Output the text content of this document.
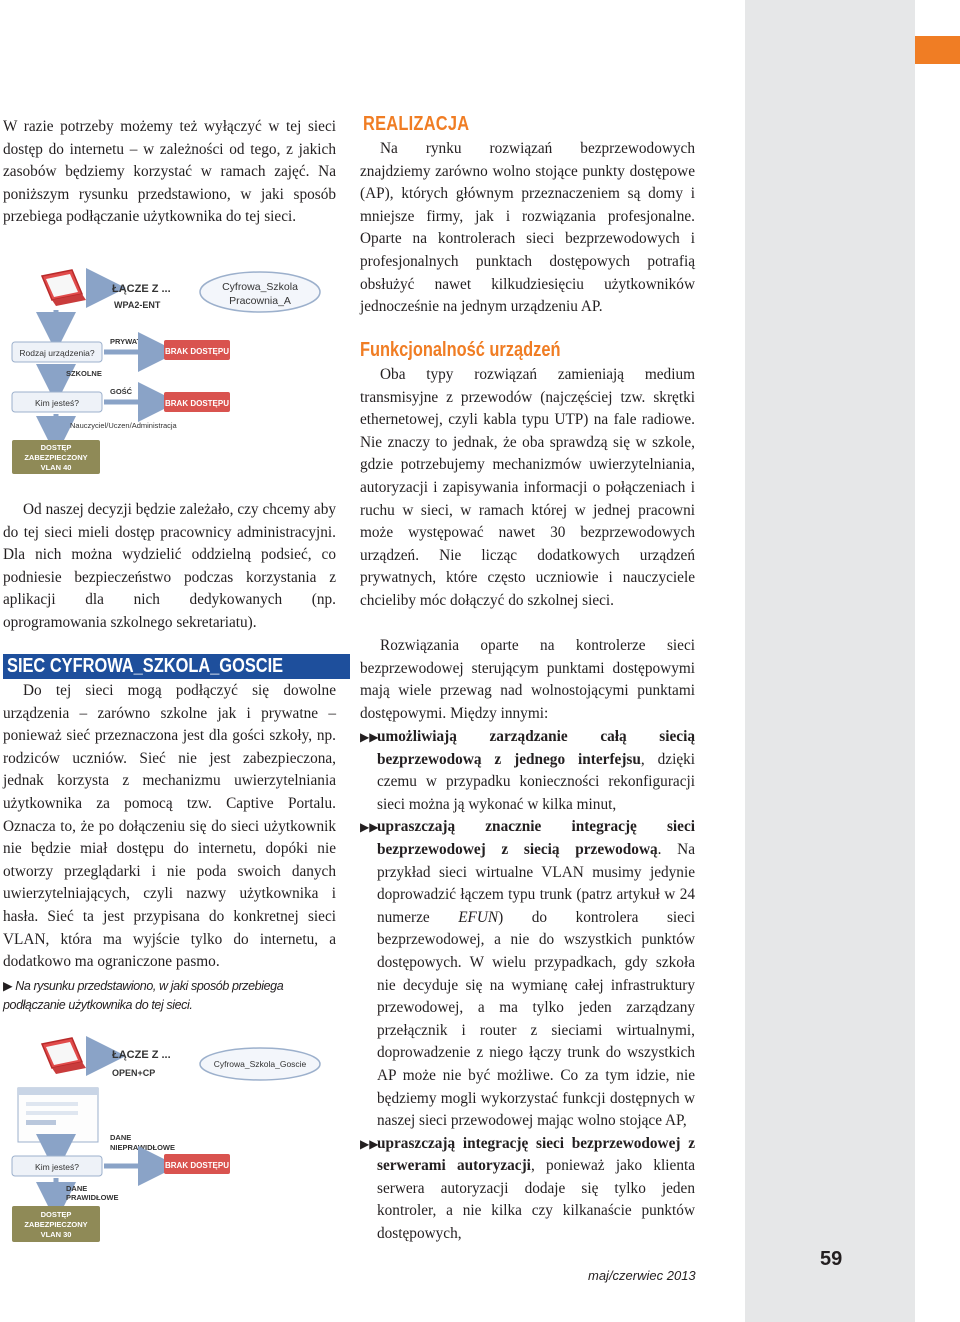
W razie potrzeby możemy też wyłączyć w tej sieci dostęp do internetu – w zależności od tego, z jakich zasobów będziemy korzystać w ramach zajęć. Na poniższym rysunku przedstawiono, w jaki sposób przebiega podłączanie użytkownika do tej sieci.

ŁĄCZE Z ...
WPA2-ENT
Cyfrowa_Szkola
Pracownia_A
Rodzaj urządzenia?
PRYWATNE
BRAK DOSTĘPU
SZKOLNE
Kim jesteś?
GOŚĆ
BRAK DOSTĘPU
Nauczyciel/Uczen/Administracja
DOSTĘP
ZABEZPIECZONY
VLAN 40

Od naszej decyzji będzie zależało, czy chcemy aby do tej sieci mieli dostęp pracownicy administracyjni. Dla nich można wydzielić oddzielną podsieć, co podniesie bezpieczeństwo podczas korzystania z aplikacji dla nich dedykowanych (np. oprogramowania szkolnego sekretariatu).

SIEC CYFROWA_SZKOLA_GOSCIE

Do tej sieci mogą podłączyć się dowolne urządzenia – zarówno szkolne jak i prywatne – ponieważ sieć przeznaczona jest dla gości szkoły, np. rodziców uczniów. Sieć nie jest zabezpieczona, jednak korzysta z mechanizmu uwierzytelniania użytkownika za pomocą tzw. Captive Portalu. Oznacza to, że po dołączeniu się do sieci użytkownik nie będzie miał dostępu do internetu, dopóki nie otworzy przeglądarki i nie poda swoich danych uwierzytelniających, czyli nazwy użytkownika i hasła. Sieć ta jest przypisana do konkretnej sieci VLAN, która ma wyjście tylko do internetu, a dodatkowo ma ograniczone pasmo.

▶ Na rysunku przedstawiono, w jaki sposób przebiega podłączanie użytkownika do tej sieci.

ŁĄCZE Z ...
OPEN+CP
Cyfrowa_Szkola_Goscie
DANE
NIEPRAWIDŁOWE
Kim jesteś?	BRAK DOSTĘPU
DANE
PRAWIDŁOWE
DOSTĘP
ZABEZPIECZONY
VLAN 30
REALIZACJA

Na rynku rozwiązań bezprzewodowych znajdziemy zarówno wolno stojące punkty dostępowe (AP), których głównym przeznaczeniem są domy i mniejsze firmy, jak i rozwiązania profesjonalne. Oparte na kontrolerach sieci bezprzewodowych i profesjonalnych punktach dostępowych potrafią obsłużyć nawet kilkudziesięciu użytkowników jednocześnie na jednym urządzeniu AP.

Funkcjonalność urządzeń

Oba typy rozwiązań zamieniają medium transmisyjne z przewodów (najczęściej tzw. skrętki ethernetowej, czyli kabla typu UTP) na fale radiowe. Nie znaczy to jednak, że oba sprawdzą się w szkole, gdzie potrzebujemy mechanizmów uwierzytelniania, autoryzacji i zapisywania informacji o połączeniach i ruchu w sieci, w ramach której w jednej pracowni może występować nawet 30 bezprzewodowych urządzeń. Nie licząc dodatkowych urządzeń prywatnych, które często uczniowie i nauczyciele chcieliby móc dołączyć do szkolnej sieci.

Rozwiązania oparte na kontrolerze sieci bezprzewodowej sterującym punktami dostępowymi mają wiele przewag nad wolnostojącymi punktami dostępowymi. Między innymi:

▶▶
umożliwiają zarządzanie całą siecią bezprzewodową z jednego interfejsu, dzięki czemu w przypadku konieczności rekonfiguracji sieci można ją wykonać w kilka minut,
▶▶
upraszczają znacznie integrację sieci bezprzewodowej z siecią przewodową. Na przykład sieci wirtualne VLAN musimy jedynie doprowadzić łączem typu trunk (patrz artykuł w 24 numerze EFUN) do kontrolera sieci bezprzewodowej, a nie do wszystkich punktów dostępowych. W wielu przypadkach, gdy szkoła nie decyduje się na wymianę całej infrastruktury przewodowej, a ma tylko jeden zarządzany przełącznik i router z sieciami wirtualnymi, doprowadzenie z niego łączy trunk do wszystkich AP może nie być możliwe. Co za tym idzie, nie będziemy mogli wykorzystać funkcji dostępnych w naszej sieci przewodowej mając wolno stojące AP,
▶▶
upraszczają integrację sieci bezprzewodowej z serwerami autoryzacji, ponieważ jako klienta serwera autoryzacji dodaje się tylko jeden kontroler, a nie kilka czy kilkanaście punktów dostępowych,
maj/czerwiec 2013
59
